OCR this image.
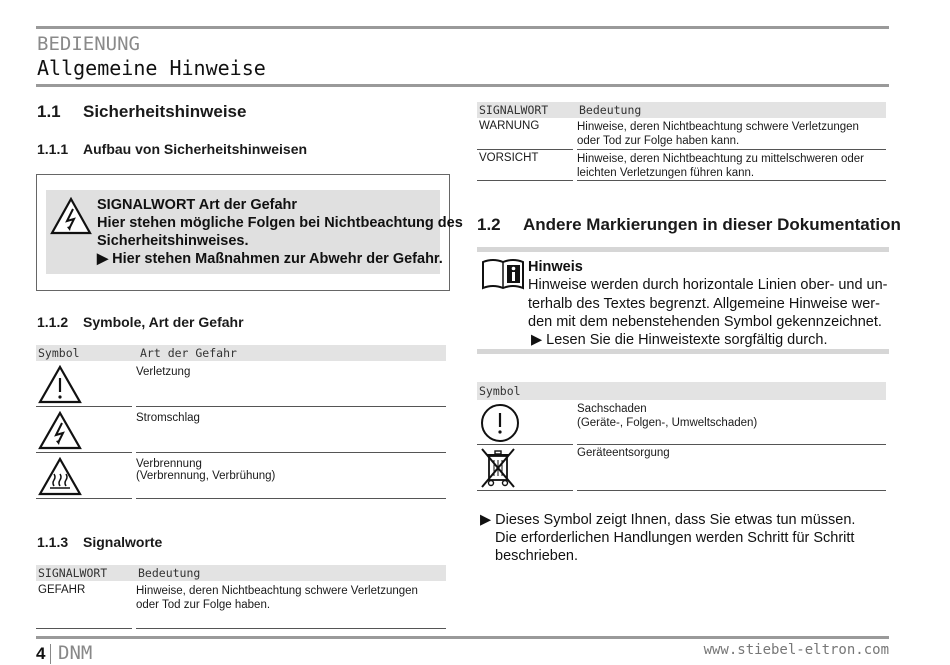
BEDIENUNG
Allgemeine Hinweise
1.1 Sicherheitshinweise
1.1.1 Aufbau von Sicherheitshinweisen
SIGNALWORT Art der Gefahr
Hier stehen mögliche Folgen bei Nichtbeachtung des
Sicherheitshinweises.
▶ Hier stehen Maßnahmen zur Abwehr der Gefahr.
1.1.2 Symbole, Art der Gefahr
Symbol	Art der Gefahr
Verletzung
Stromschlag
Verbrennung
(Verbrennung, Verbrühung)
1.1.3 Signalworte
SIGNALWORT	Bedeutung
GEFAHR	Hinweise, deren Nichtbeachtung schwere Verletzungen
oder Tod zur Folge haben.
SIGNALWORT	Bedeutung
WARNUNG	Hinweise, deren Nichtbeachtung schwere Verletzungen
oder Tod zur Folge haben kann.
VORSICHT	Hinweise, deren Nichtbeachtung zu mittelschweren oder
leichten Verletzungen führen kann.
1.2 Andere Markierungen in dieser Dokumentation
Hinweis
Hinweise werden durch horizontale Linien ober- und un-
terhalb des Textes begrenzt. Allgemeine Hinweise wer-
den mit dem nebenstehenden Symbol gekennzeichnet.
▶ Lesen Sie die Hinweistexte sorgfältig durch.
Symbol
Sachschaden
(Geräte-, Folgen-, Umweltschaden)
Geräteentsorgung
▶ Dieses Symbol zeigt Ihnen, dass Sie etwas tun müssen.
Die erforderlichen Handlungen werden Schritt für Schritt
beschrieben.
4 DNM	www.stiebel-eltron.com
